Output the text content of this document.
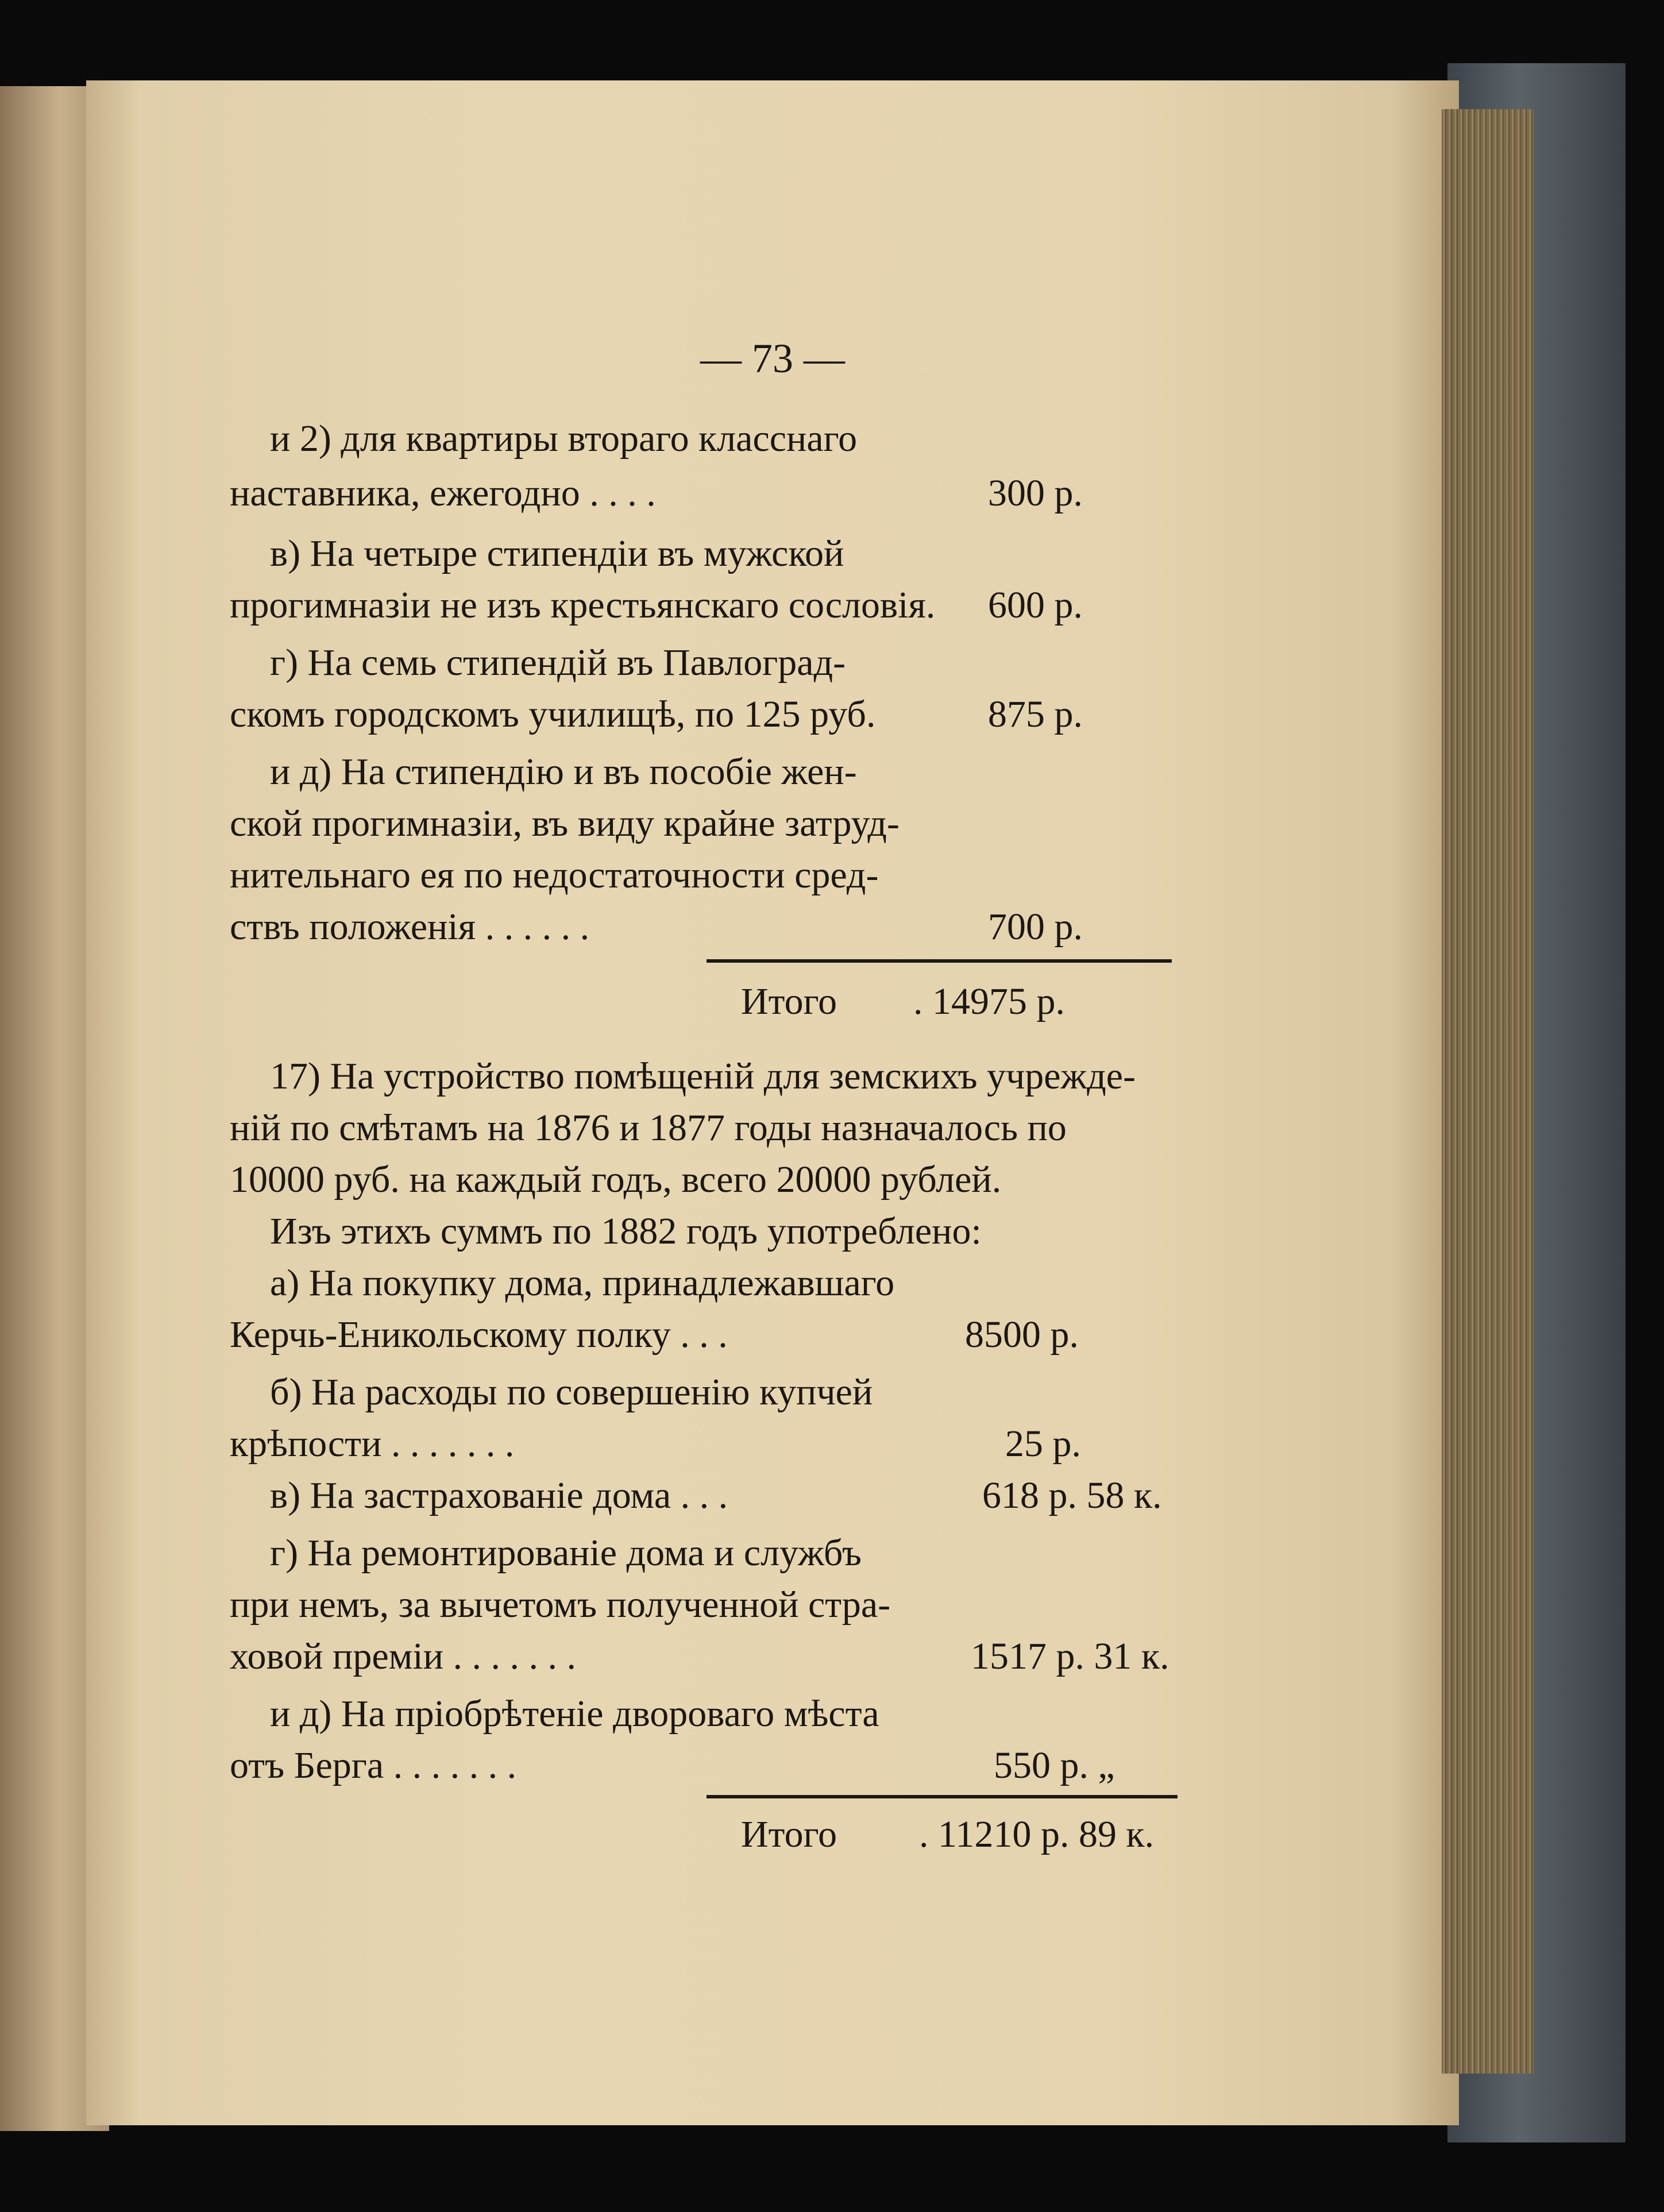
— 73 —
и 2) для квартиры втораго класснаго
наставника, ежегодно . . . .	300 р.
в) На четыре стипендіи въ мужской
прогимназіи не изъ крестьянскаго сословія. 600 р.
г) На семь стипендій въ Павлоград-
скомъ городскомъ училищѣ, по 125 руб.	875 р.
и д) На стипендію и въ пособіе жен-
ской прогимназіи, въ виду крайне затруд-
нительнаго ея по недостаточности сред-
ствъ положенія . . . . . .	700 р.
Итого . 14975 р.
17) На устройство помѣщеній для земскихъ учрежде-
ній по смѣтамъ на 1876 и 1877 годы назначалось по
10000 руб. на каждый годъ, всего 20000 рублей.
Изъ этихъ суммъ по 1882 годъ употреблено:
а) На покупку дома, принадлежавшаго
Керчь-Еникольскому полку . . .	8500 р.
б) На расходы по совершенію купчей
крѣпости . . . . . . .	25 р.
в) На застрахованіе дома . . .	618 р. 58 к.
г) На ремонтированіе дома и службъ
при немъ, за вычетомъ полученной стра-
ховой преміи . . . . . . .	1517 р. 31 к.
и д) На пріобрѣтеніе двороваго мѣста
отъ Берга . . . . . . .	550 р. „
Итого . 11210 р. 89 к.
